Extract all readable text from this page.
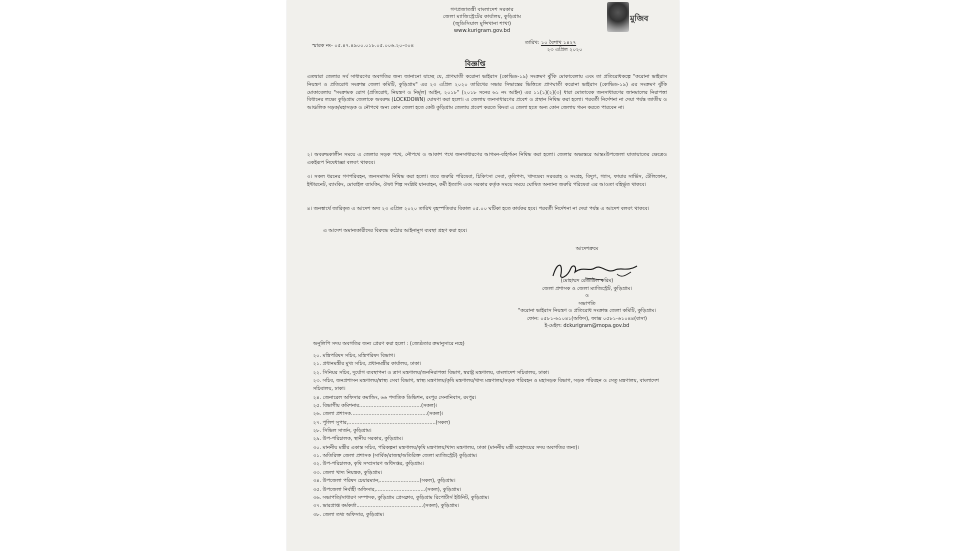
গণপ্রজাতন্ত্রী বাংলাদেশ সরকার
জেলা ম্যাজিস্ট্রেটের কার্যালয়, কুড়িগ্রাম
(জুডিসিয়াল মুন্সিখানা শাখা)
www.kurigram.gov.bd
মুজিব
স্মারক নং- ০৫.৪৭.৪৯০০.০১৮.০৫.০০৬.২০-৩০৪	তারিখ: ১০ বৈশাখ ১৪২৭
২৩ এপ্রিল ২০২০
বিজ্ঞপ্তি
এতদ্বারা জেলার সর্ব সাধারণের অবগতির জন্য জানানো যাচ্ছে যে, প্রাণঘাতী করোনা ভাইরাস (কোভিড-১৯) সংক্রমণ ঝুঁকি মোকাবেলায় এবং তা প্রতিরোধকল্পে "করোনা ভাইরাস নিয়ন্ত্রণ ও প্রতিরোধ সংক্রান্ত জেলা কমিটি, কুড়িগ্রাম" এর ২৩ এপ্রিল ২০২০ তারিখের সভার সিদ্ধান্তের ভিত্তিতে প্রাণঘাতী করোনা ভাইরাস (কোভিড-১৯) এর সংক্রমণ ঝুঁকি মোকাবেলায় "সংক্রামক রোগ (প্রতিরোধ, নিয়ন্ত্রণ ও নির্মূল) আইন, ২০১৮" (২০১৮ সনের ৬১ নং আইন) এর ১১(১)(২)(৩) ধারা মোতাবেক জনসাধারণের জানমালের নিরাপত্তা বিধানের লক্ষ্যে কুড়িগ্রাম জেলাকে অবরুদ্ধ (LOCKDOWN) ঘোষণা করা হলো। এ জেলায় জনসাধারণের প্রবেশ ও প্রস্থান নিষিদ্ধ করা হলো। পরবর্তী নির্দেশনা না দেয়া পর্যন্ত জাতীয় ও আঞ্চলিক সড়ক/মহাসড়ক ও নৌপথে অন্য কোন জেলা হতে কেউ কুড়িগ্রাম জেলায় প্রবেশ করতে কিংবা এ জেলা হতে অন্য কোন জেলায় গমন করতে পারবেন না।
২। অবরুদ্ধকালীন সময়ে এ জেলার সড়ক পথে, নৌপথে ও আকাশ পথে জনসাধারণের আগমন-বহির্গমন নিষিদ্ধ করা হলো। জেলার অভ্যন্তরে আন্তঃউপজেলা যাতায়াতের ক্ষেত্রেও একইরূপ নিষেধাজ্ঞা বলবৎ থাকবে।
৩। সকল ধরনের গণপরিবহন, জনসমাগম নিষিদ্ধ করা হলো। তবে জরুরি পরিষেবা, চিকিৎসা সেবা, কৃষিপণ্য, খাদ্যদ্রব্য সরবরাহ ও সংগ্রহ, বিদ্যুৎ, গ্যাস, ফায়ার সার্ভিস, টেলিফোন, ইন্টারনেট, ব্যাংকিং, মোবাইল ব্যাংকিং, ঔষধ শিল্প সংশ্লিষ্ট যানবাহন, কর্মী ইত্যাদি এবং সরকার কর্তৃক সময়ে সময়ে ঘোষিত অন্যান্য জরুরি পরিষেবা এর আওতা বহির্ভূত থাকবে।
৪। জনস্বার্থে জারিকৃত এ আদেশ অদ্য ২৩ এপ্রিল ২০২০ তারিখ বৃহস্পতিবার বিকাল ০৫.০০ ঘটিকা হতে কার্যকর হবে। পরবর্তী নির্দেশনা না দেয়া পর্যন্ত এ আদেশ বলবৎ থাকবে।
এ আদেশ অমান্যকারীদের বিরুদ্ধে কঠোর আইনানুগ ব্যবস্থা গ্রহণ করা হবে।
আদেশক্রমে
(মোহাম্মদ রেজাউল করিম)
জেলা প্রশাসক ও জেলা ম্যাজিস্ট্রেট, কুড়িগ্রাম।
ও
সভাপতি
"করোনা ভাইরাস নিয়ন্ত্রণ ও প্রতিরোধ সংক্রান্ত জেলা কমিটি, কুড়িগ্রাম।
ফোন: ০৫৮১-৬১০৪১(অফিস), ফ্যাক্স ০৫৮১-৬১০৪৪(বাসা)
ই-মেইল: dckurigram@mopa.gov.bd
অনুলিপি সদয় অবগতির জন্য প্রেরণ করা হলো : (জ্যেষ্ঠতার ক্রমানুসারে নহে)
২০. মন্ত্রিপরিষদ সচিব, মন্ত্রিপরিষদ বিভাগ।
২১. প্রধানমন্ত্রীর মুখ্য সচিব, প্রধানমন্ত্রীর কার্যালয়, ঢাকা।
২২. সিনিয়র সচিব, দুর্যোগ ব্যবস্থাপনা ও ত্রাণ মন্ত্রণালয়/জননিরাপত্তা বিভাগ, স্বরাষ্ট্র মন্ত্রণালয়, বাংলাদেশ সচিবালয়, ঢাকা।
২৩. সচিব, জনপ্রশাসন মন্ত্রণালয়/স্বাস্থ্য সেবা বিভাগ, স্বাস্থ্য মন্ত্রণালয়/কৃষি মন্ত্রণালয়/খাদ্য মন্ত্রণালয়/সড়ক পরিবহন ও মহাসড়ক বিভাগ, সড়ক পরিবহন ও সেতু মন্ত্রণালয়, বাংলাদেশ সচিবালয়, ঢাকা।
২৪. জেনারেল অফিসার কমান্ডিং, ৬৬ পদাতিক ডিভিশন, রংপুর সেনানিবাস, রংপুর।
২৫. বিভাগীয় কমিশনার.......................................(সকল)।
২৬. জেলা প্রশাসক................................................(সকল)।
২৭. পুলিশ সুপার,.......................................................(সকল)
২৮. সিভিল সার্জন, কুড়িগ্রাম।
২৯. উপ-পরিচালক, স্থানীয় সরকার, কুড়িগ্রাম।
৩০. মাননীয় মন্ত্রীর একান্ত সচিব, পরিকল্পনা মন্ত্রণালয়/কৃষি মন্ত্রণালয়/খাদ্য মন্ত্রণালয়, ঢাকা (মাননীয় মন্ত্রী মহোদয়ের সদয় অবগতির জন্য)।
৩১. অতিরিক্ত জেলা প্রশাসক (সার্বিক/রাজস্ব/অতিরিক্ত জেলা ম্যাজিস্ট্রেট) কুড়িগ্রাম।
৩২. উপ-পরিচালক, কৃষি সম্প্রসারণ অধিদপ্তর, কুড়িগ্রাম।
৩৩. জেলা খাদ্য নিয়ন্ত্রক, কুড়িগ্রাম।
৩৪. উপজেলা পরিষদ চেয়ারম্যান,.........................(সকল), কুড়িগ্রাম।
৩৫. উপজেলা নির্বাহী অফিসার,...............................(সকল), কুড়িগ্রাম।
৩৬. সভাপতি/সাধারণ সম্পাদক, কুড়িগ্রাম প্রেসক্লাব, কুড়িগ্রাম রিপোর্টার্স ইউনিট, কুড়িগ্রাম।
৩৭. ভারপ্রাপ্ত কর্মকর্তা..........................................(সকল), কুড়িগ্রাম।
৩৮. জেলা তথ্য অফিসার, কুড়িগ্রাম।
